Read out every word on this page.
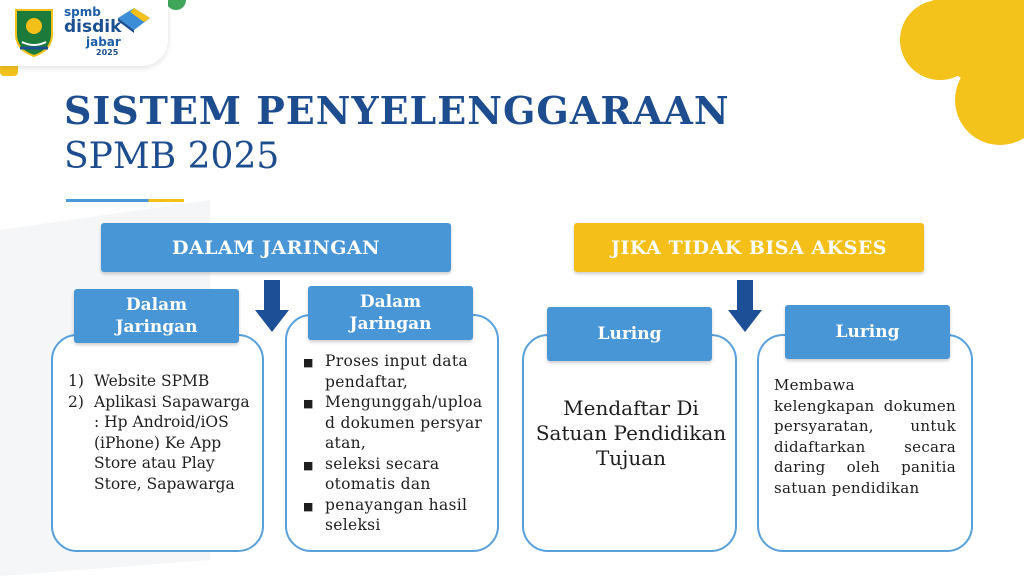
spmb
disdik
jabar
2025
SISTEM PENYELENGGARAAN
SPMB 2025
DALAM JARINGAN
Dalam Jaringan
1) Website SPMB
2) Aplikasi Sapawarga : Hp Android/iOS (iPhone) Ke App Store atau Play Store, Sapawarga
Dalam Jaringan
■ Proses input data pendaftar,
■ Mengunggah/upload dokumen persyaratan,
■ seleksi secara otomatis dan
■ penayangan hasil seleksi
JIKA TIDAK BISA AKSES
Luring

Mendaftar Di Satuan Pendidikan Tujuan

Luring

Membawa kelengkapan dokumen persyaratan, untuk didaftarkan secara daring oleh panitia satuan pendidikan
